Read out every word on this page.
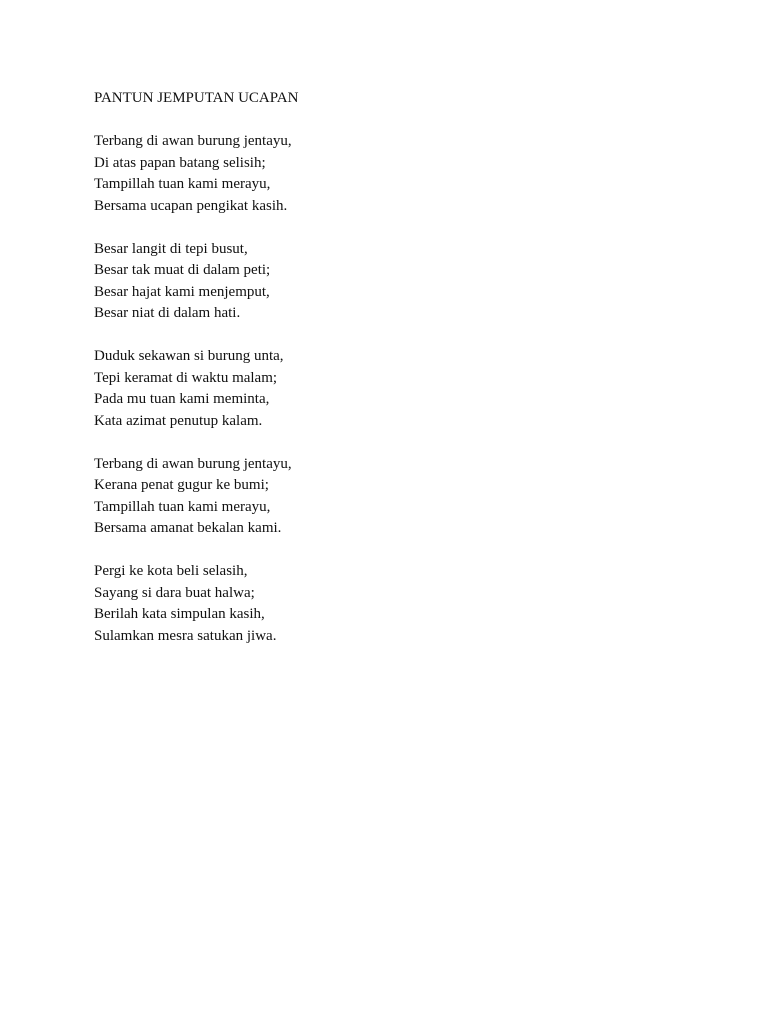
PANTUN JEMPUTAN UCAPAN
Terbang di awan burung jentayu,
Di atas papan batang selisih;
Tampillah tuan kami merayu,
Bersama ucapan pengikat kasih.
Besar langit di tepi busut,
Besar tak muat di dalam peti;
Besar hajat kami menjemput,
Besar niat di dalam hati.
Duduk sekawan si burung unta,
Tepi keramat di waktu malam;
Pada mu tuan kami meminta,
Kata azimat penutup kalam.
Terbang di awan burung jentayu,
Kerana penat gugur ke bumi;
Tampillah tuan kami merayu,
Bersama amanat bekalan kami.
Pergi ke kota beli selasih,
Sayang si dara buat halwa;
Berilah kata simpulan kasih,
Sulamkan mesra satukan jiwa.
